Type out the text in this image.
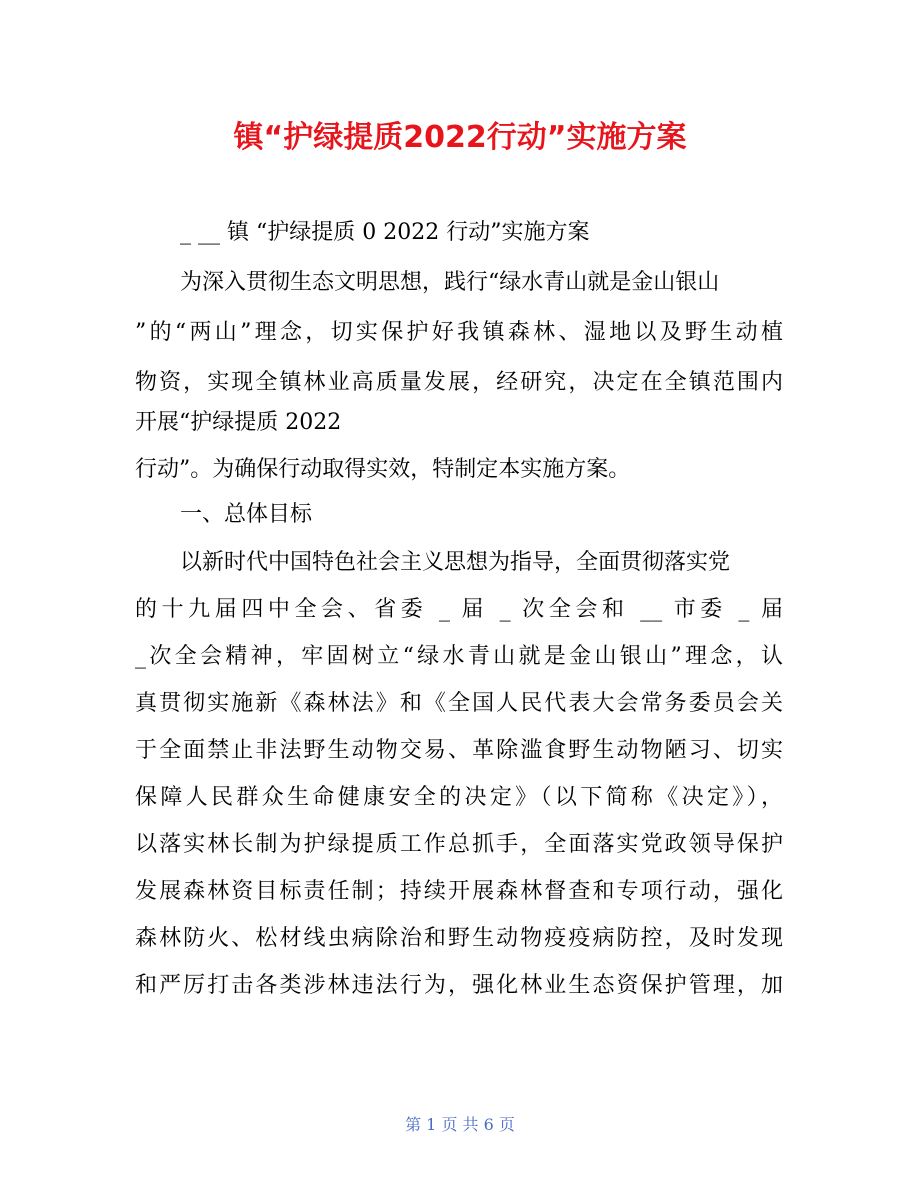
镇“护绿提质2022行动”实施方案
_ __ 镇 “护绿提质 0 2022 行动”实施方案
为深入贯彻生态文明思想，践行“绿水青山就是金山银山
”的“两山”理念，切实保护好我镇森林、湿地以及野生动植
物资，实现全镇林业高质量发展，经研究，决定在全镇范围内
开展“护绿提质 2022
行动”。为确保行动取得实效，特制定本实施方案。
一、总体目标
以新时代中国特色社会主义思想为指导，全面贯彻落实党
的十九届四中全会、省委 _ 届 _ 次全会和 __ 市委 _ 届
_次全会精神，牢固树立“绿水青山就是金山银山”理念，认
真贯彻实施新《森林法》和《全国人民代表大会常务委员会关
于全面禁止非法野生动物交易、革除滥食野生动物陋习、切实
保障人民群众生命健康安全的决定》（以下简称《决定》），
以落实林长制为护绿提质工作总抓手，全面落实党政领导保护
发展森林资目标责任制；持续开展森林督查和专项行动，强化
森林防火、松材线虫病除治和野生动物疫疫病防控，及时发现
和严厉打击各类涉林违法行为，强化林业生态资保护管理，加
第 1 页 共 6 页
